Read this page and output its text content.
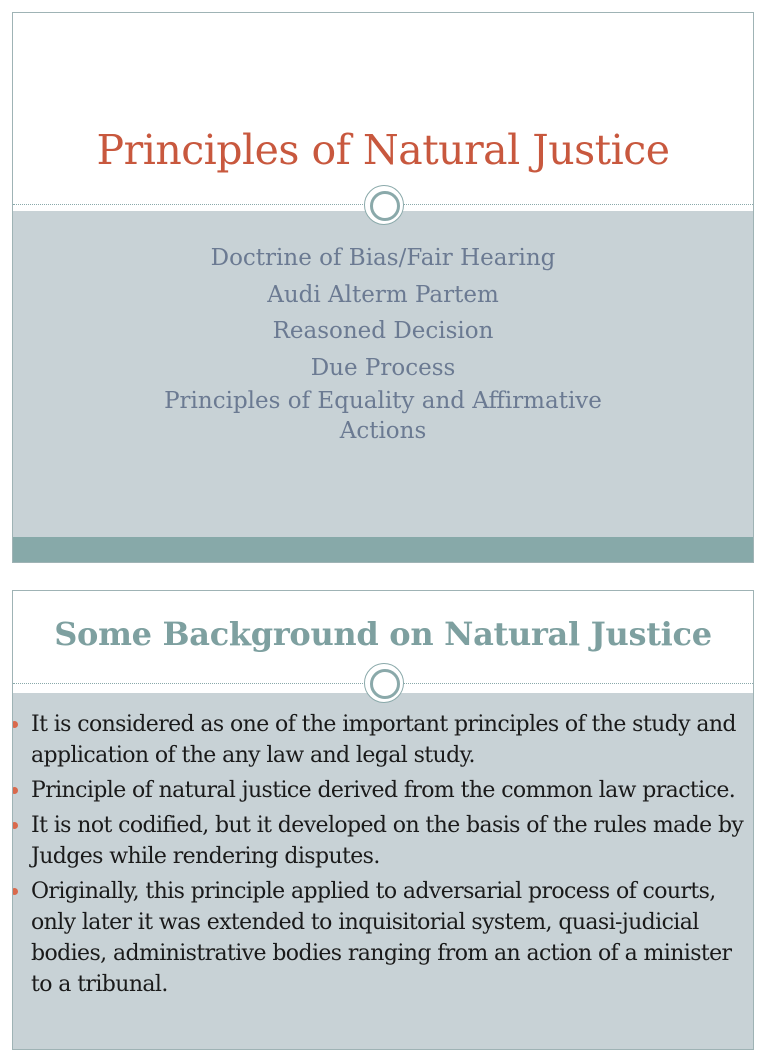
Principles of Natural Justice
Doctrine of Bias/Fair Hearing
Audi Alterm Partem
Reasoned Decision
Due Process
Principles of Equality and Affirmative
Actions
Some Background on Natural Justice
It is considered as one of the important principles of the study and application of the any law and legal study.
Principle of natural justice derived from the common law practice.
It is not codified, but it developed on the basis of the rules made by Judges while rendering disputes.
Originally, this principle applied to adversarial process of courts, only later it was extended to inquisitorial system, quasi-judicial bodies, administrative bodies ranging from an action of a minister to a tribunal.
